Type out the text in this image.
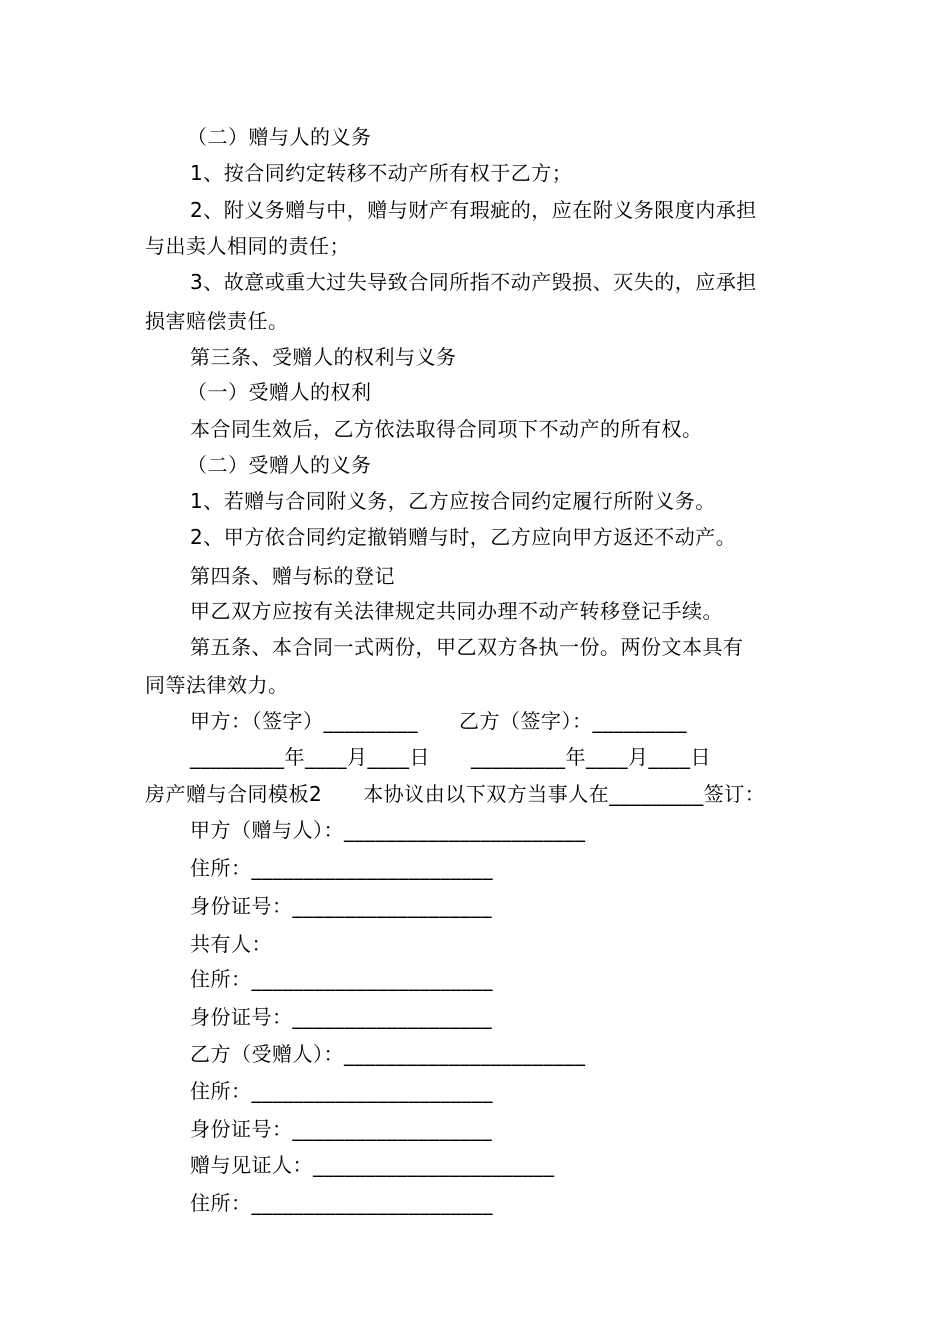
（二）赠与人的义务
1、按合同约定转移不动产所有权于乙方；
2、附义务赠与中，赠与财产有瑕疵的，应在附义务限度内承担
与出卖人相同的责任；
3、故意或重大过失导致合同所指不动产毁损、灭失的，应承担
损害赔偿责任。
第三条、受赠人的权利与义务
（一）受赠人的权利
本合同生效后，乙方依法取得合同项下不动产的所有权。
（二）受赠人的义务
1、若赠与合同附义务，乙方应按合同约定履行所附义务。
2、甲方依合同约定撤销赠与时，乙方应向甲方返还不动产。
第四条、赠与标的登记
甲乙双方应按有关法律规定共同办理不动产转移登记手续。
第五条、本合同一式两份，甲乙双方各执一份。两份文本具有
同等法律效力。
甲方：（签字）_________　　乙方（签字）：_________
_________年____月____日　　_________年____月____日
房产赠与合同模板2　　本协议由以下双方当事人在_________签订：
甲方（赠与人）：_______________________
住所：_______________________
身份证号：___________________
共有人：
住所：_______________________
身份证号：___________________
乙方（受赠人）：_______________________
住所：_______________________
身份证号：___________________
赠与见证人：_______________________
住所：_______________________
